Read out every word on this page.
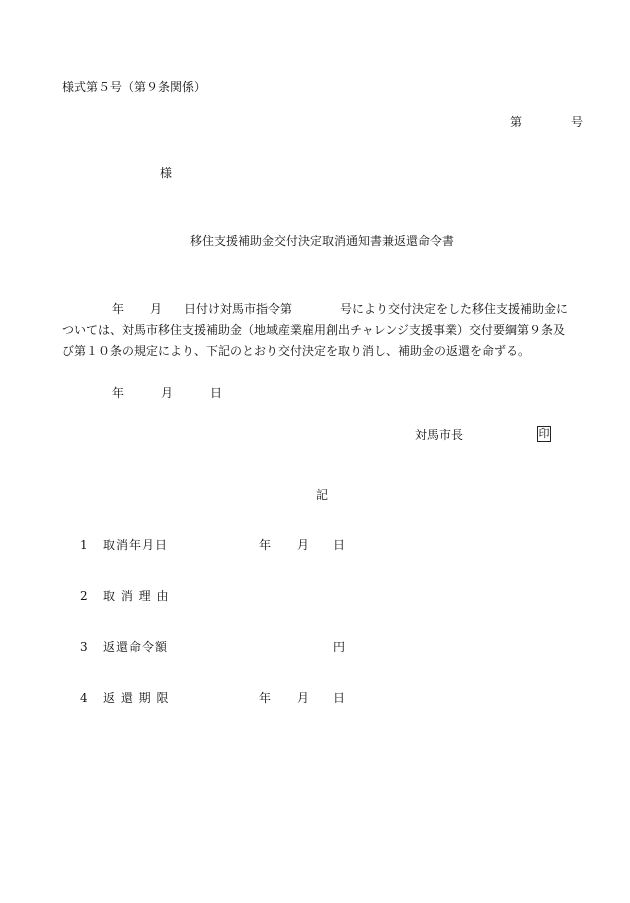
様式第５号（第９条関係）
第	号
様
移住支援補助金交付決定取消通知書兼返還命令書
年 月 日付け対馬市指令第	号により交付決定をした移住支援補助金に
ついては、対馬市移住支援補助金（地域産業雇用創出チャレンジ支援事業）交付要綱第９条及
び第１０条の規定により、下記のとおり交付決定を取り消し、補助金の返還を命ずる。
年	月	日
対馬市長	印
記
1 取消年月日	年 月 日
2 取 消 理 由
3 返還命令額	円
4 返 還 期 限	年 月 日
